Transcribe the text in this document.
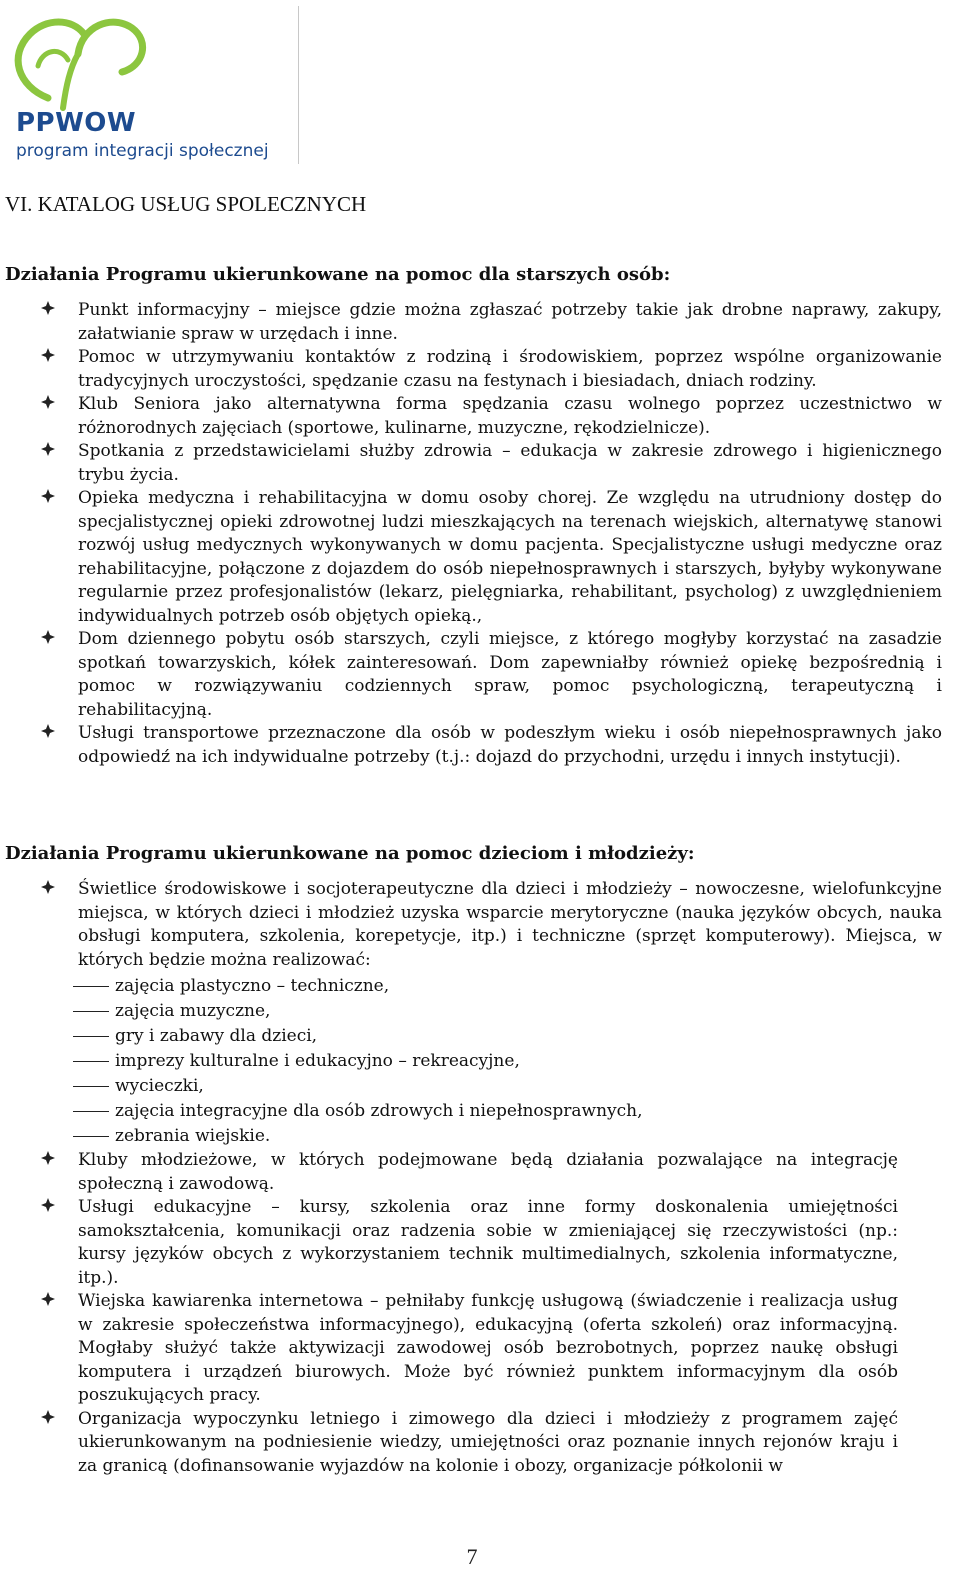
PPWOW
program integracji społecznej
VI. KATALOG USŁUG SPOLECZNYCH
Działania Programu ukierunkowane na pomoc dla starszych osób:
Punkt informacyjny – miejsce gdzie można zgłaszać potrzeby takie jak drobne naprawy, zakupy, załatwianie spraw w urzędach i inne.
Pomoc w utrzymywaniu kontaktów z rodziną i środowiskiem, poprzez wspólne organizowanie tradycyjnych uroczystości, spędzanie czasu na festynach i biesiadach, dniach rodziny.
Klub Seniora jako alternatywna forma spędzania czasu wolnego poprzez uczestnictwo w różnorodnych zajęciach (sportowe, kulinarne, muzyczne, rękodzielnicze).
Spotkania z przedstawicielami służby zdrowia – edukacja w zakresie zdrowego i higienicznego trybu życia.
Opieka medyczna i rehabilitacyjna w domu osoby chorej. Ze względu na utrudniony dostęp do specjalistycznej opieki zdrowotnej ludzi mieszkających na terenach wiejskich, alternatywę stanowi rozwój usług medycznych wykonywanych w domu pacjenta. Specjalistyczne usługi medyczne oraz rehabilitacyjne, połączone z dojazdem do osób niepełnosprawnych i starszych, byłyby wykonywane regularnie przez profesjonalistów (lekarz, pielęgniarka, rehabilitant, psycholog) z uwzględnieniem indywidualnych potrzeb osób objętych opieką.,
Dom dziennego pobytu osób starszych, czyli miejsce, z którego mogłyby korzystać na zasadzie spotkań towarzyskich, kółek zainteresowań. Dom zapewniałby również opiekę bezpośrednią i pomoc w rozwiązywaniu codziennych spraw, pomoc psychologiczną, terapeutyczną i rehabilitacyjną.
Usługi transportowe przeznaczone dla osób w podeszłym wieku i osób niepełnosprawnych jako odpowiedź na ich indywidualne potrzeby (t.j.: dojazd do przychodni, urzędu i innych instytucji).
Działania Programu ukierunkowane na pomoc dzieciom i młodzieży:
Świetlice środowiskowe i socjoterapeutyczne dla dzieci i młodzieży – nowoczesne, wielofunkcyjne miejsca, w których dzieci i młodzież uzyska wsparcie merytoryczne (nauka języków obcych, nauka obsługi komputera, szkolenia, korepetycje, itp.) i techniczne (sprzęt komputerowy). Miejsca, w których będzie można realizować:
zajęcia plastyczno – techniczne,
zajęcia muzyczne,
gry i zabawy dla dzieci,
imprezy kulturalne i edukacyjno – rekreacyjne,
wycieczki,
zajęcia integracyjne dla osób zdrowych i niepełnosprawnych,
zebrania wiejskie.
Kluby młodzieżowe, w których podejmowane będą działania pozwalające na integrację społeczną i zawodową.
Usługi edukacyjne – kursy, szkolenia oraz inne formy doskonalenia umiejętności samokształcenia, komunikacji oraz radzenia sobie w zmieniającej się rzeczywistości (np.: kursy języków obcych z wykorzystaniem technik multimedialnych, szkolenia informatyczne, itp.).
Wiejska kawiarenka internetowa – pełniłaby funkcję usługową (świadczenie i realizacja usług w zakresie społeczeństwa informacyjnego), edukacyjną (oferta szkoleń) oraz informacyjną. Mogłaby służyć także aktywizacji zawodowej osób bezrobotnych, poprzez naukę obsługi komputera i urządzeń biurowych. Może być również punktem informacyjnym dla osób poszukujących pracy.
Organizacja wypoczynku letniego i zimowego dla dzieci i młodzieży z programem zajęć ukierunkowanym na podniesienie wiedzy, umiejętności oraz poznanie innych rejonów kraju i za granicą (dofinansowanie wyjazdów na kolonie i obozy, organizacje półkolonii w
7
